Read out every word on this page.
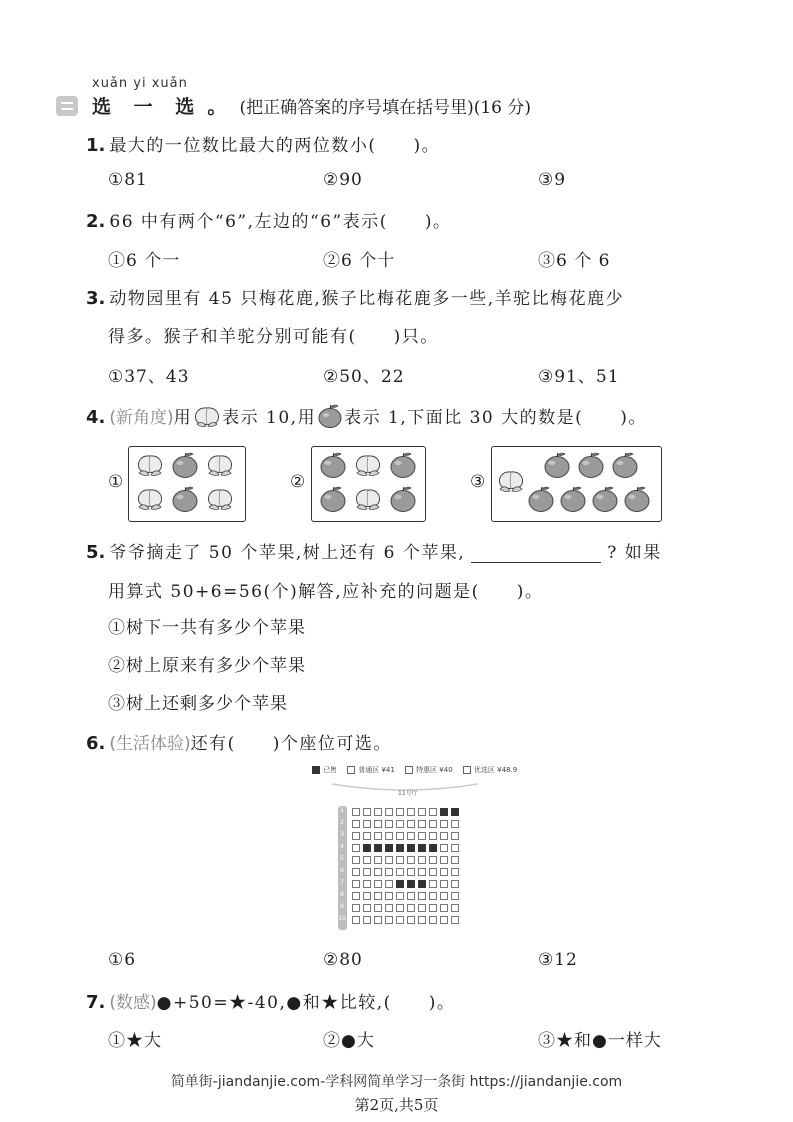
xuǎn yi xuǎn
选 一 选 。 (把正确答案的序号填在括号里)(16 分)
1. 最大的一位数比最大的两位数小(　　)。
①81	②90	③9
2. 66 中有两个“6”,左边的“6”表示(　　)。
①6 个一	②6 个十	③6 个 6
3. 动物园里有 45 只梅花鹿,猴子比梅花鹿多一些,羊驼比梅花鹿少
得多。猴子和羊驼分别可能有(　　)只。
①37、43	②50、22	③91、51
4. (新角度)用 表示 10,用 表示 1,下面比 30 大的数是(　　)。
①	②	③
5. 爷爷摘走了 50 个苹果,树上还有 6 个苹果,	? 如果
用算式 50+6=56(个)解答,应补充的问题是(　　)。
①树下一共有多少个苹果
②树上原来有多少个苹果
③树上还剩多少个苹果
6. (生活体验)还有(　　)个座位可选。
已售	普通区 ¥41	特惠区 ¥40	优选区 ¥48.9
11号厅
1
2
3
4
5
6
7
8
9
10
①6	②80	③12
7. (数感)●+50=★-40,●和★比较,(　　)。
①★大	②●大	③★和●一样大
简单街-jiandanjie.com-学科网简单学习一条街 https://jiandanjie.com
第2页,共5页
